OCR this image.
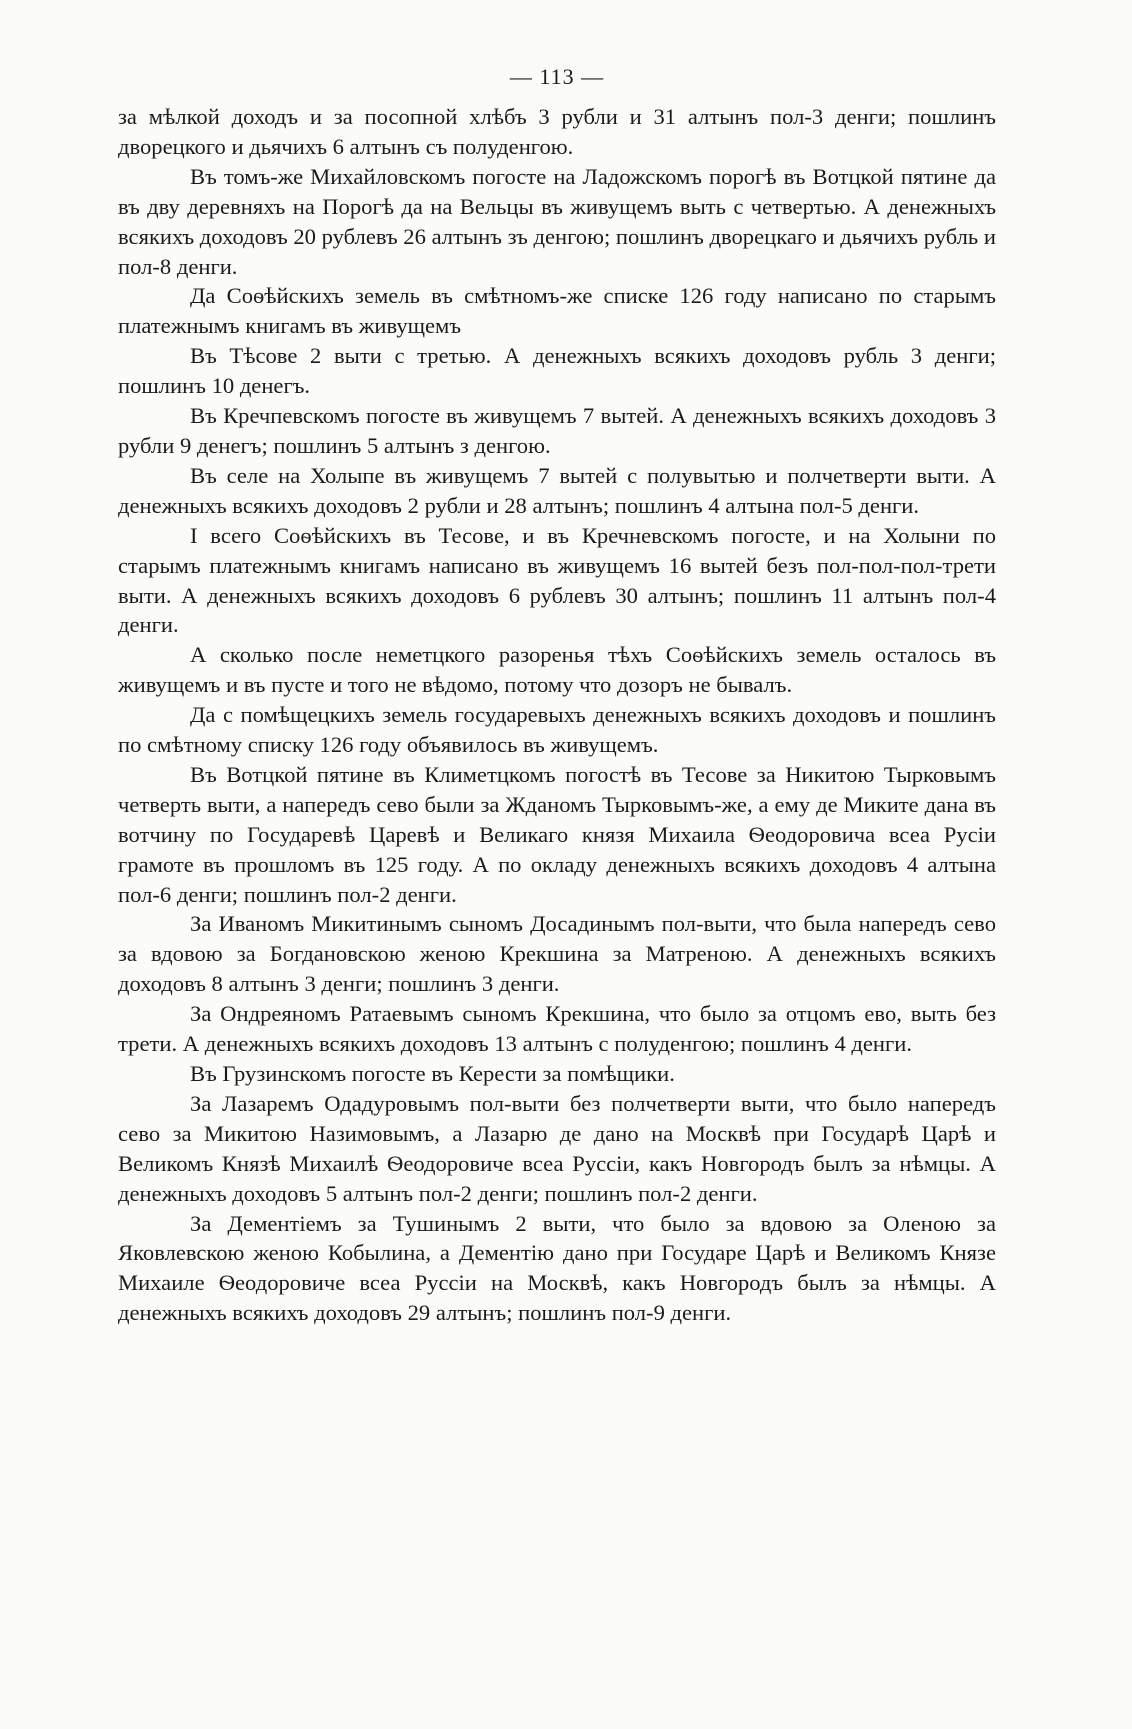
— 113 —

за мѣлкой доходъ и за посопной хлѣбъ 3 рубли и 31 алтынъ пол-3 денги; пошлинъ дворецкого и дьячихъ 6 алтынъ съ полуденгою.

Въ томъ-же Михайловскомъ погосте на Ладожскомъ порогѣ въ Вотцкой пятине да въ дву деревняхъ на Порогѣ да на Вельцы въ живущемъ выть с четвертью. А денежныхъ всякихъ доходовъ 20 рублевъ 26 алтынъ зъ денгою; пошлинъ дворецкаго и дьячихъ рубль и пол-8 денги.

Да Соѳѣйскихъ земель въ смѣтномъ-же списке 126 году написано по старымъ платежнымъ книгамъ въ живущемъ

Въ Тѣсове 2 выти с третью. А денежныхъ всякихъ доходовъ рубль 3 денги; пошлинъ 10 денегъ.

Въ Кречпевскомъ погосте въ живущемъ 7 вытей. А денежныхъ всякихъ доходовъ 3 рубли 9 денегъ; пошлинъ 5 алтынъ з денгою.

Въ селе на Холыпе въ живущемъ 7 вытей с полувытью и полчетверти выти. А денежныхъ всякихъ доходовъ 2 рубли и 28 алтынъ; пошлинъ 4 алтына пол-5 денги.

I всего Соѳѣйскихъ въ Тесове, и въ Кречневскомъ погосте, и на Холыни по старымъ платежнымъ книгамъ написано въ живущемъ 16 вытей безъ пол-пол-пол-трети выти. А денежныхъ всякихъ доходовъ 6 рублевъ 30 алтынъ; пошлинъ 11 алтынъ пол-4 денги.

А сколько после неметцкого разоренья тѣхъ Соѳѣйскихъ земель осталось въ живущемъ и въ пусте и того не вѣдомо, потому что дозоръ не бывалъ.

Да с помѣщецкихъ земель государевыхъ денежныхъ всякихъ доходовъ и пошлинъ по смѣтному списку 126 году объявилось въ живущемъ.

Въ Вотцкой пятине въ Климетцкомъ погостѣ въ Тесове за Никитою Тырковымъ четверть выти, а напередъ сево были за Жданомъ Тырковымъ-же, а ему де Миките дана въ вотчину по Государевѣ Царевѣ и Великаго князя Михаила Ѳеодоровича всеа Русіи грамоте въ прошломъ въ 125 году. А по окладу денежныхъ всякихъ доходовъ 4 алтына пол-6 денги; пошлинъ пол-2 денги.

За Иваномъ Микитинымъ сыномъ Досадинымъ пол-выти, что была напередъ сево за вдовою за Богдановскою женою Крекшина за Матреною. А денежныхъ всякихъ доходовъ 8 алтынъ 3 денги; пошлинъ 3 денги.

За Ондреяномъ Ратаевымъ сыномъ Крекшина, что было за отцомъ ево, выть без трети. А денежныхъ всякихъ доходовъ 13 алтынъ с полуденгою; пошлинъ 4 денги.

Въ Грузинскомъ погосте въ Керести за помѣщики.

За Лазаремъ Одадуровымъ пол-выти без полчетверти выти, что было напередъ сево за Микитою Назимовымъ, а Лазарю де дано на Москвѣ при Государѣ Царѣ и Великомъ Князѣ Михаилѣ Ѳеодоровиче всеа Руссіи, какъ Новгородъ былъ за нѣмцы. А денежныхъ доходовъ 5 алтынъ пол-2 денги; пошлинъ пол-2 денги.

За Дементіемъ за Тушинымъ 2 выти, что было за вдовою за Оленою за Яковлевскою женою Кобылина, а Дементію дано при Государе Царѣ и Великомъ Князе Михаиле Ѳеодоровиче всеа Руссіи на Москвѣ, какъ Новгородъ былъ за нѣмцы. А денежныхъ всякихъ доходовъ 29 алтынъ; пошлинъ пол-9 денги.
